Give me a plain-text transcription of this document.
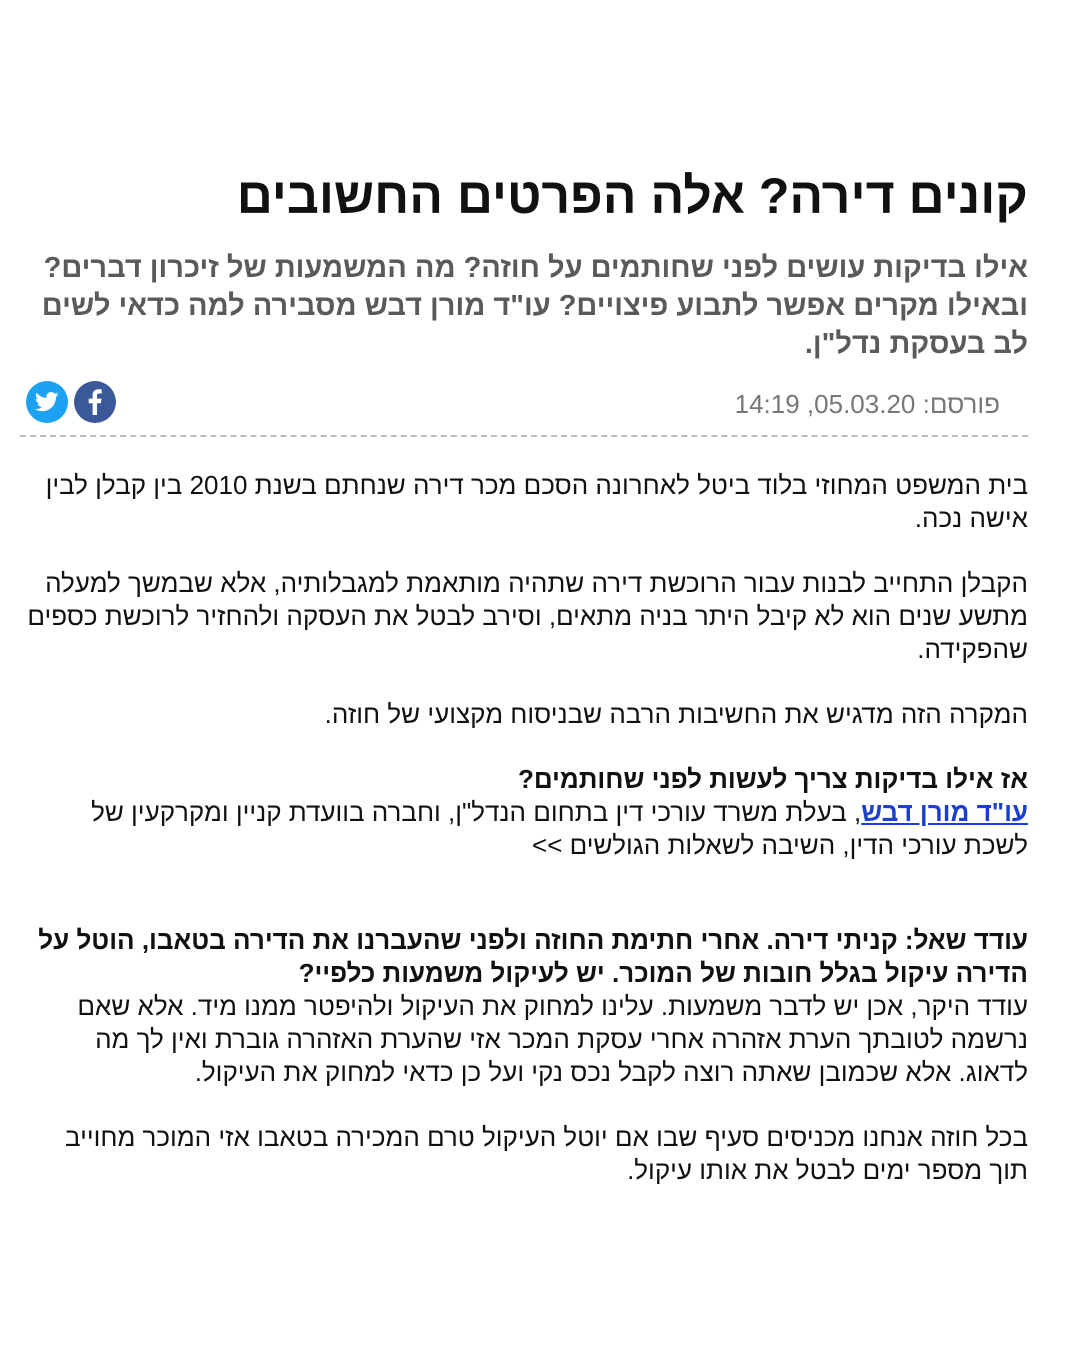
קונים דירה? אלה הפרטים החשובים
אילו בדיקות עושים לפני שחותמים על חוזה? מה המשמעות של זיכרון דברים? ובאילו מקרים אפשר לתבוע פיצויים? עו"ד מורן דבש מסבירה למה כדאי לשים לב בעסקת נדל"ן.
פורסם: 05.03.20, 14:19

בית המשפט המחוזי בלוד ביטל לאחרונה הסכם מכר דירה שנחתם בשנת 2010 בין קבלן לבין אישה נכה.

הקבלן התחייב לבנות עבור הרוכשת דירה שתהיה מותאמת למגבלותיה, אלא שבמשך למעלה מתשע שנים הוא לא קיבל היתר בניה מתאים, וסירב לבטל את העסקה ולהחזיר לרוכשת כספים שהפקידה.

המקרה הזה מדגיש את החשיבות הרבה שבניסוח מקצועי של חוזה.

אז אילו בדיקות צריך לעשות לפני שחותמים?
עו"ד מורן דבש, בעלת משרד עורכי דין בתחום הנדל"ן, וחברה בוועדת קניין ומקרקעין של לשכת עורכי הדין, השיבה לשאלות הגולשים >>

עודד שאל: קניתי דירה. אחרי חתימת החוזה ולפני שהעברנו את הדירה בטאבו, הוטל על הדירה עיקול בגלל חובות של המוכר. יש לעיקול משמעות כלפיי?
עודד היקר, אכן יש לדבר משמעות. עלינו למחוק את העיקול ולהיפטר ממנו מיד. אלא שאם נרשמה לטובתך הערת אזהרה אחרי עסקת המכר אזי שהערת האזהרה גוברת ואין לך מה לדאוג. אלא שכמובן שאתה רוצה לקבל נכס נקי ועל כן כדאי למחוק את העיקול.

בכל חוזה אנחנו מכניסים סעיף שבו אם יוטל העיקול טרם המכירה בטאבו אזי המוכר מחוייב תוך מספר ימים לבטל את אותו עיקול.
